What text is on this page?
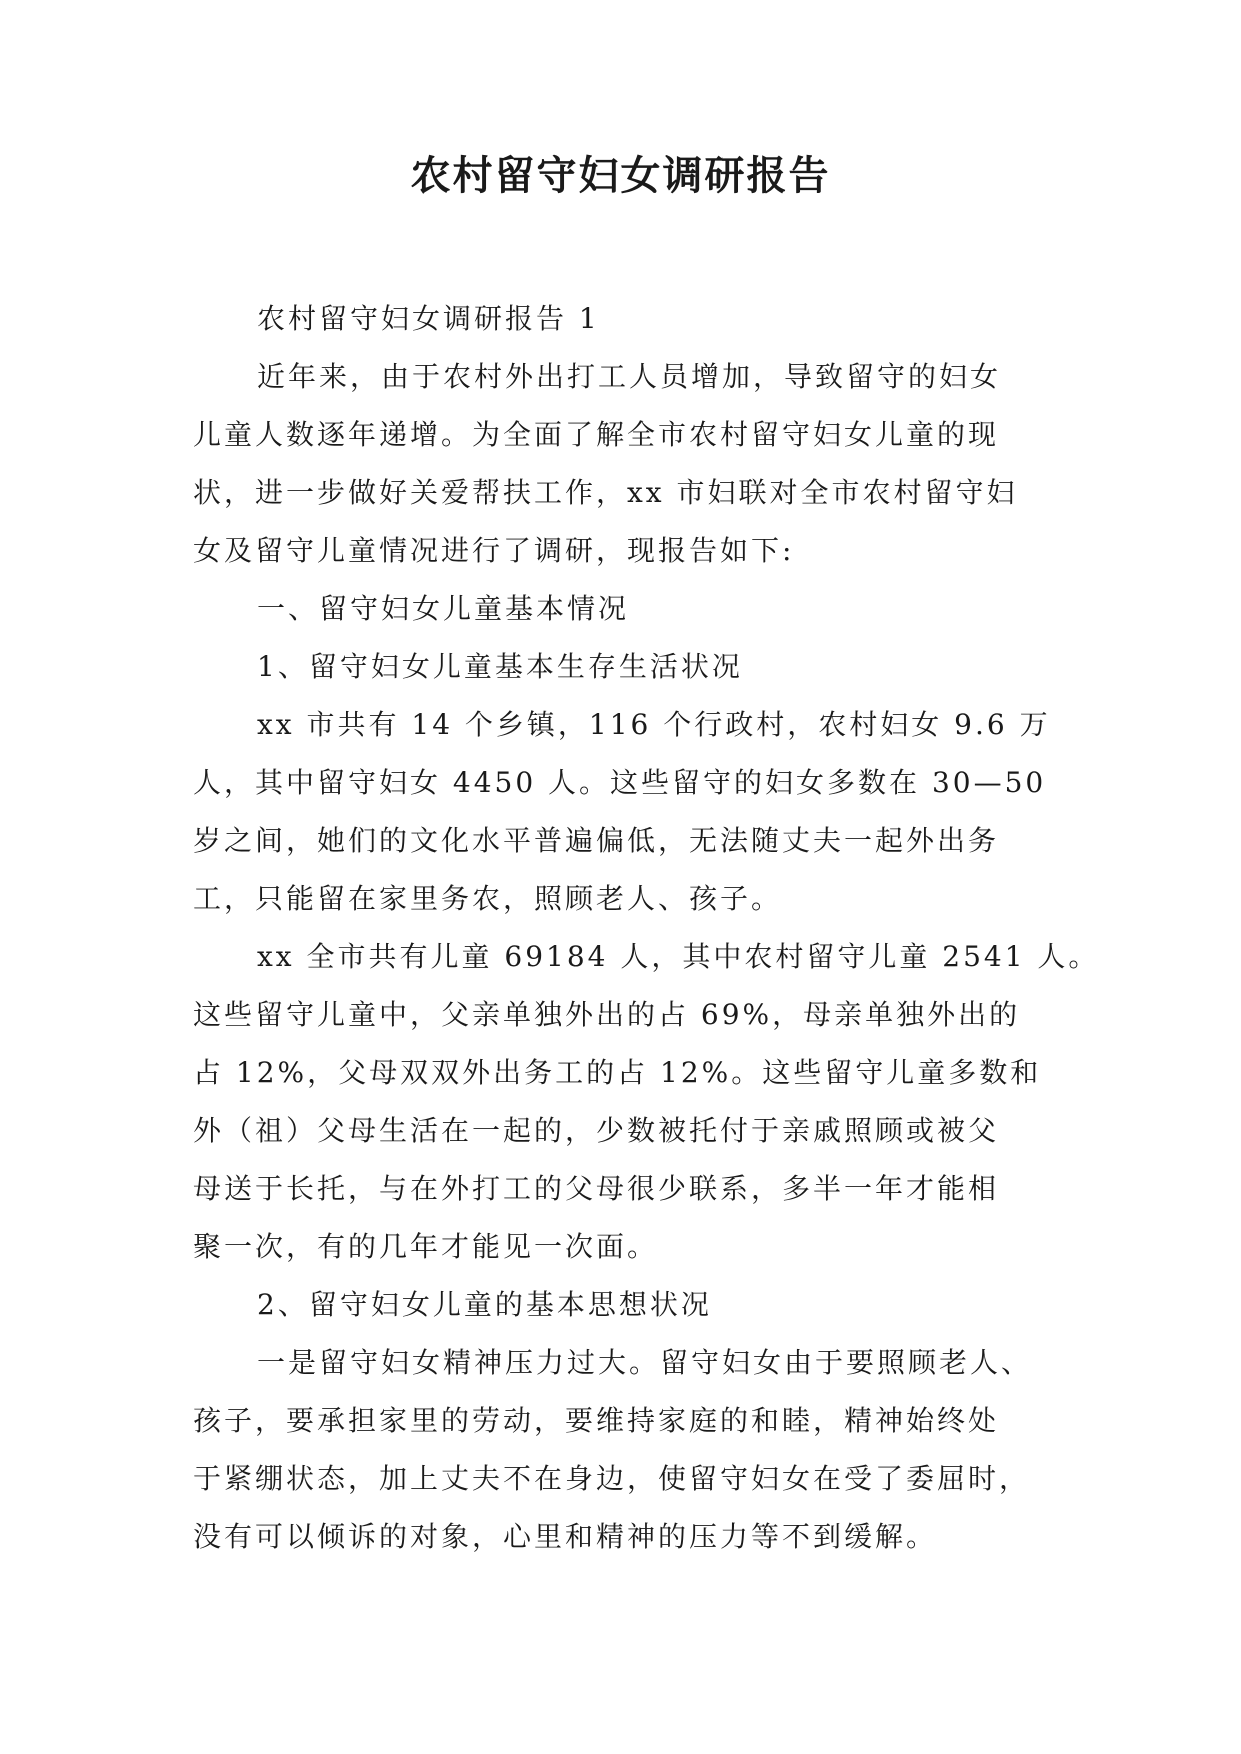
农村留守妇女调研报告

农村留守妇女调研报告 1

近年来，由于农村外出打工人员增加，导致留守的妇女
儿童人数逐年递增。为全面了解全市农村留守妇女儿童的现
状，进一步做好关爱帮扶工作，xx 市妇联对全市农村留守妇
女及留守儿童情况进行了调研，现报告如下:

一、留守妇女儿童基本情况

1、留守妇女儿童基本生存生活状况

xx 市共有 14 个乡镇，116 个行政村，农村妇女 9.6 万
人，其中留守妇女 4450 人。这些留守的妇女多数在 30—50
岁之间，她们的文化水平普遍偏低，无法随丈夫一起外出务
工，只能留在家里务农，照顾老人、孩子。

xx 全市共有儿童 69184 人，其中农村留守儿童 2541 人。
这些留守儿童中，父亲单独外出的占 69%，母亲单独外出的
占 12%，父母双双外出务工的占 12%。这些留守儿童多数和
外（祖）父母生活在一起的，少数被托付于亲戚照顾或被父
母送于长托，与在外打工的父母很少联系，多半一年才能相
聚一次，有的几年才能见一次面。

2、留守妇女儿童的基本思想状况

一是留守妇女精神压力过大。留守妇女由于要照顾老人、
孩子，要承担家里的劳动，要维持家庭的和睦，精神始终处
于紧绷状态，加上丈夫不在身边，使留守妇女在受了委屈时，
没有可以倾诉的对象，心里和精神的压力等不到缓解。
